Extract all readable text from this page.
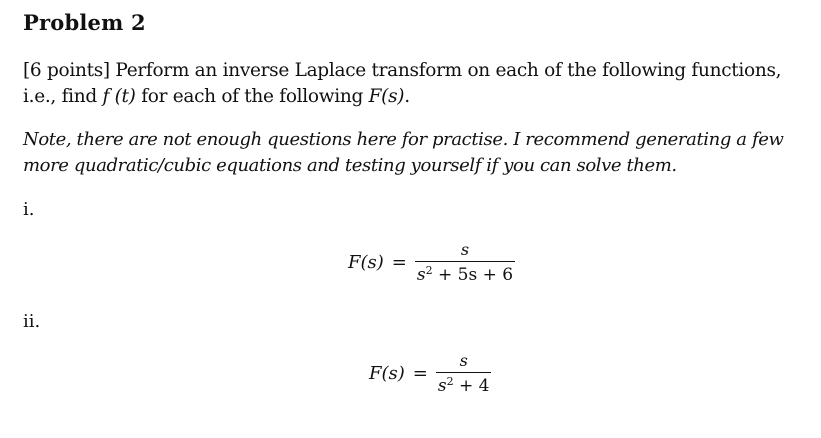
Problem 2
[6 points] Perform an inverse Laplace transform on each of the following functions, i.e., find f (t) for each of the following F(s).
Note, there are not enough questions here for practise. I recommend generating a few more quadratic/cubic equations and testing yourself if you can solve them.
i.
$F(s) = \frac{s}{s^2 + 5s + 6}$
ii.
$F(s) = \frac{s}{s^2 + 4}$
